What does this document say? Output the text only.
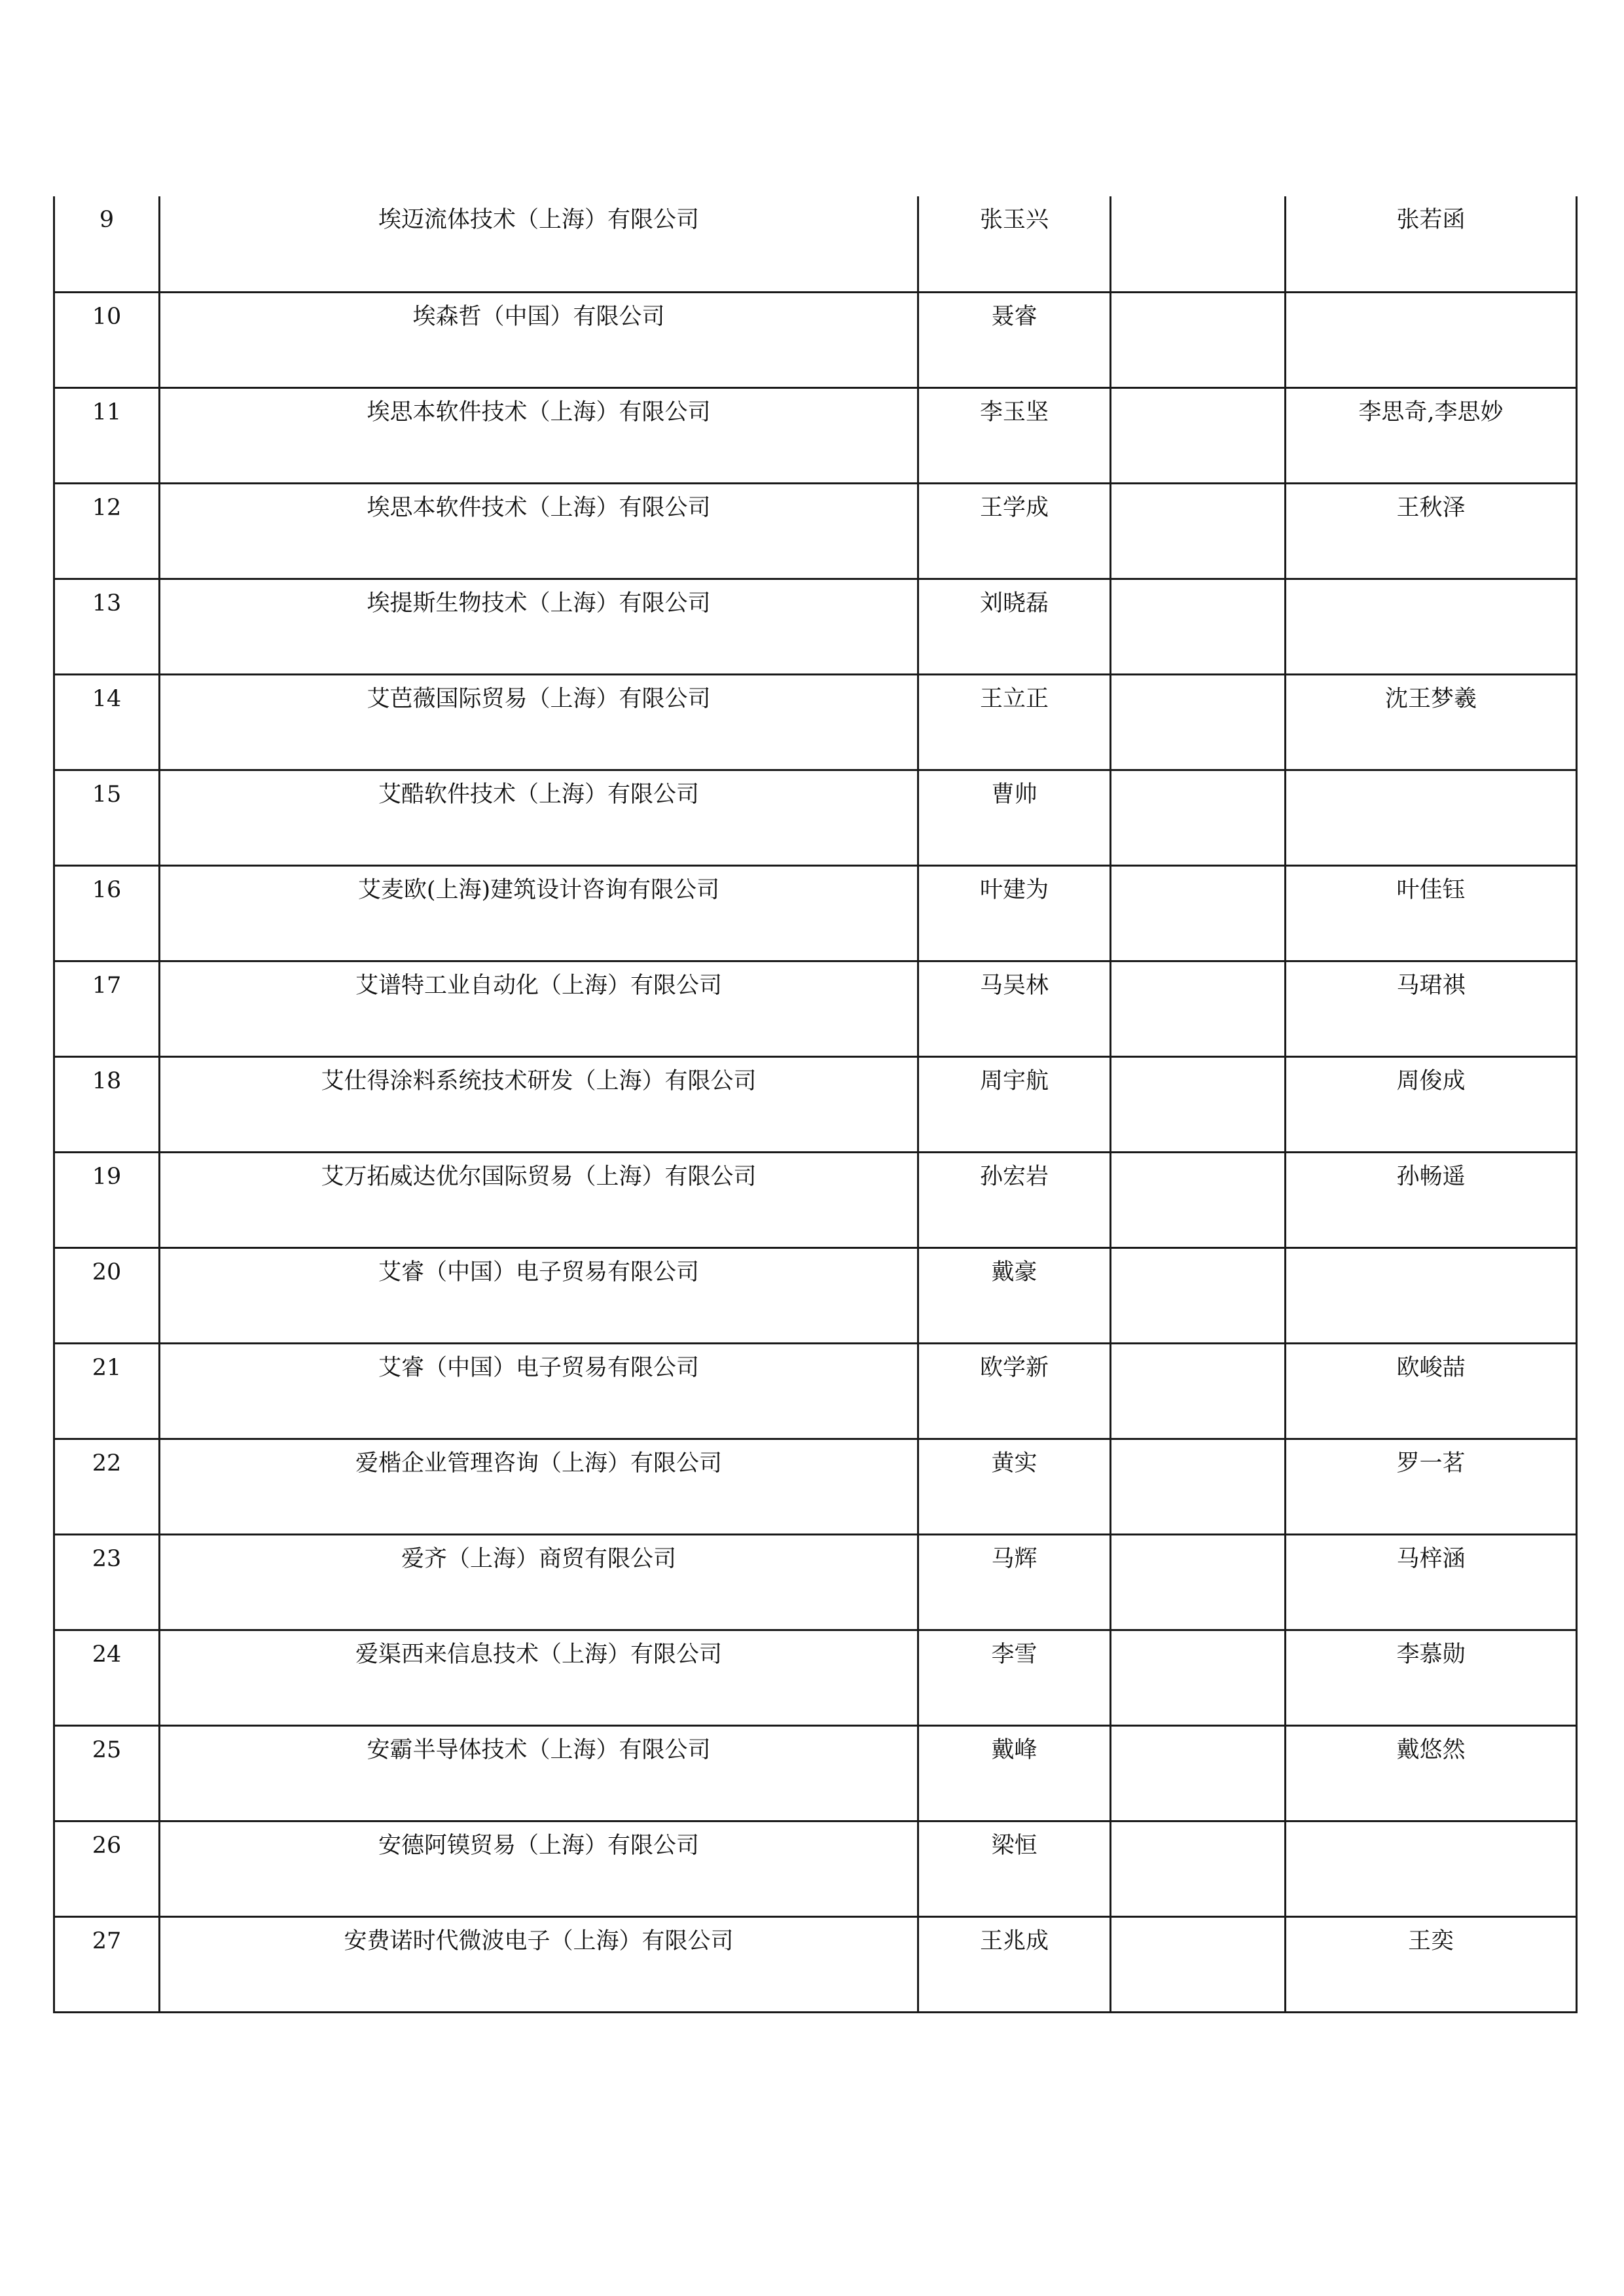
9	埃迈流体技术（上海）有限公司	张玉兴		张若函

10	埃森哲（中国）有限公司	聂睿		

11	埃思本软件技术（上海）有限公司	李玉坚		李思奇,李思妙

12	埃思本软件技术（上海）有限公司	王学成		王秋泽

13	埃提斯生物技术（上海）有限公司	刘晓磊		

14	艾芭薇国际贸易（上海）有限公司	王立正		沈王梦羲

15	艾酷软件技术（上海）有限公司	曹帅		

16	艾麦欧(上海)建筑设计咨询有限公司	叶建为		叶佳钰

17	艾谱特工业自动化（上海）有限公司	马吴林		马珺祺

18	艾仕得涂料系统技术研发（上海）有限公司	周宇航		周俊成

19	艾万拓威达优尔国际贸易（上海）有限公司	孙宏岩		孙畅遥

20	艾睿（中国）电子贸易有限公司	戴豪		

21	艾睿（中国）电子贸易有限公司	欧学新		欧峻喆

22	爱楷企业管理咨询（上海）有限公司	黄实		罗一茗

23	爱齐（上海）商贸有限公司	马辉		马梓涵

24	爱渠西来信息技术（上海）有限公司	李雪		李慕勋

25	安霸半导体技术（上海）有限公司	戴峰		戴悠然

26	安德阿镆贸易（上海）有限公司	梁恒		

27	安费诺时代微波电子（上海）有限公司	王兆成		王奕
